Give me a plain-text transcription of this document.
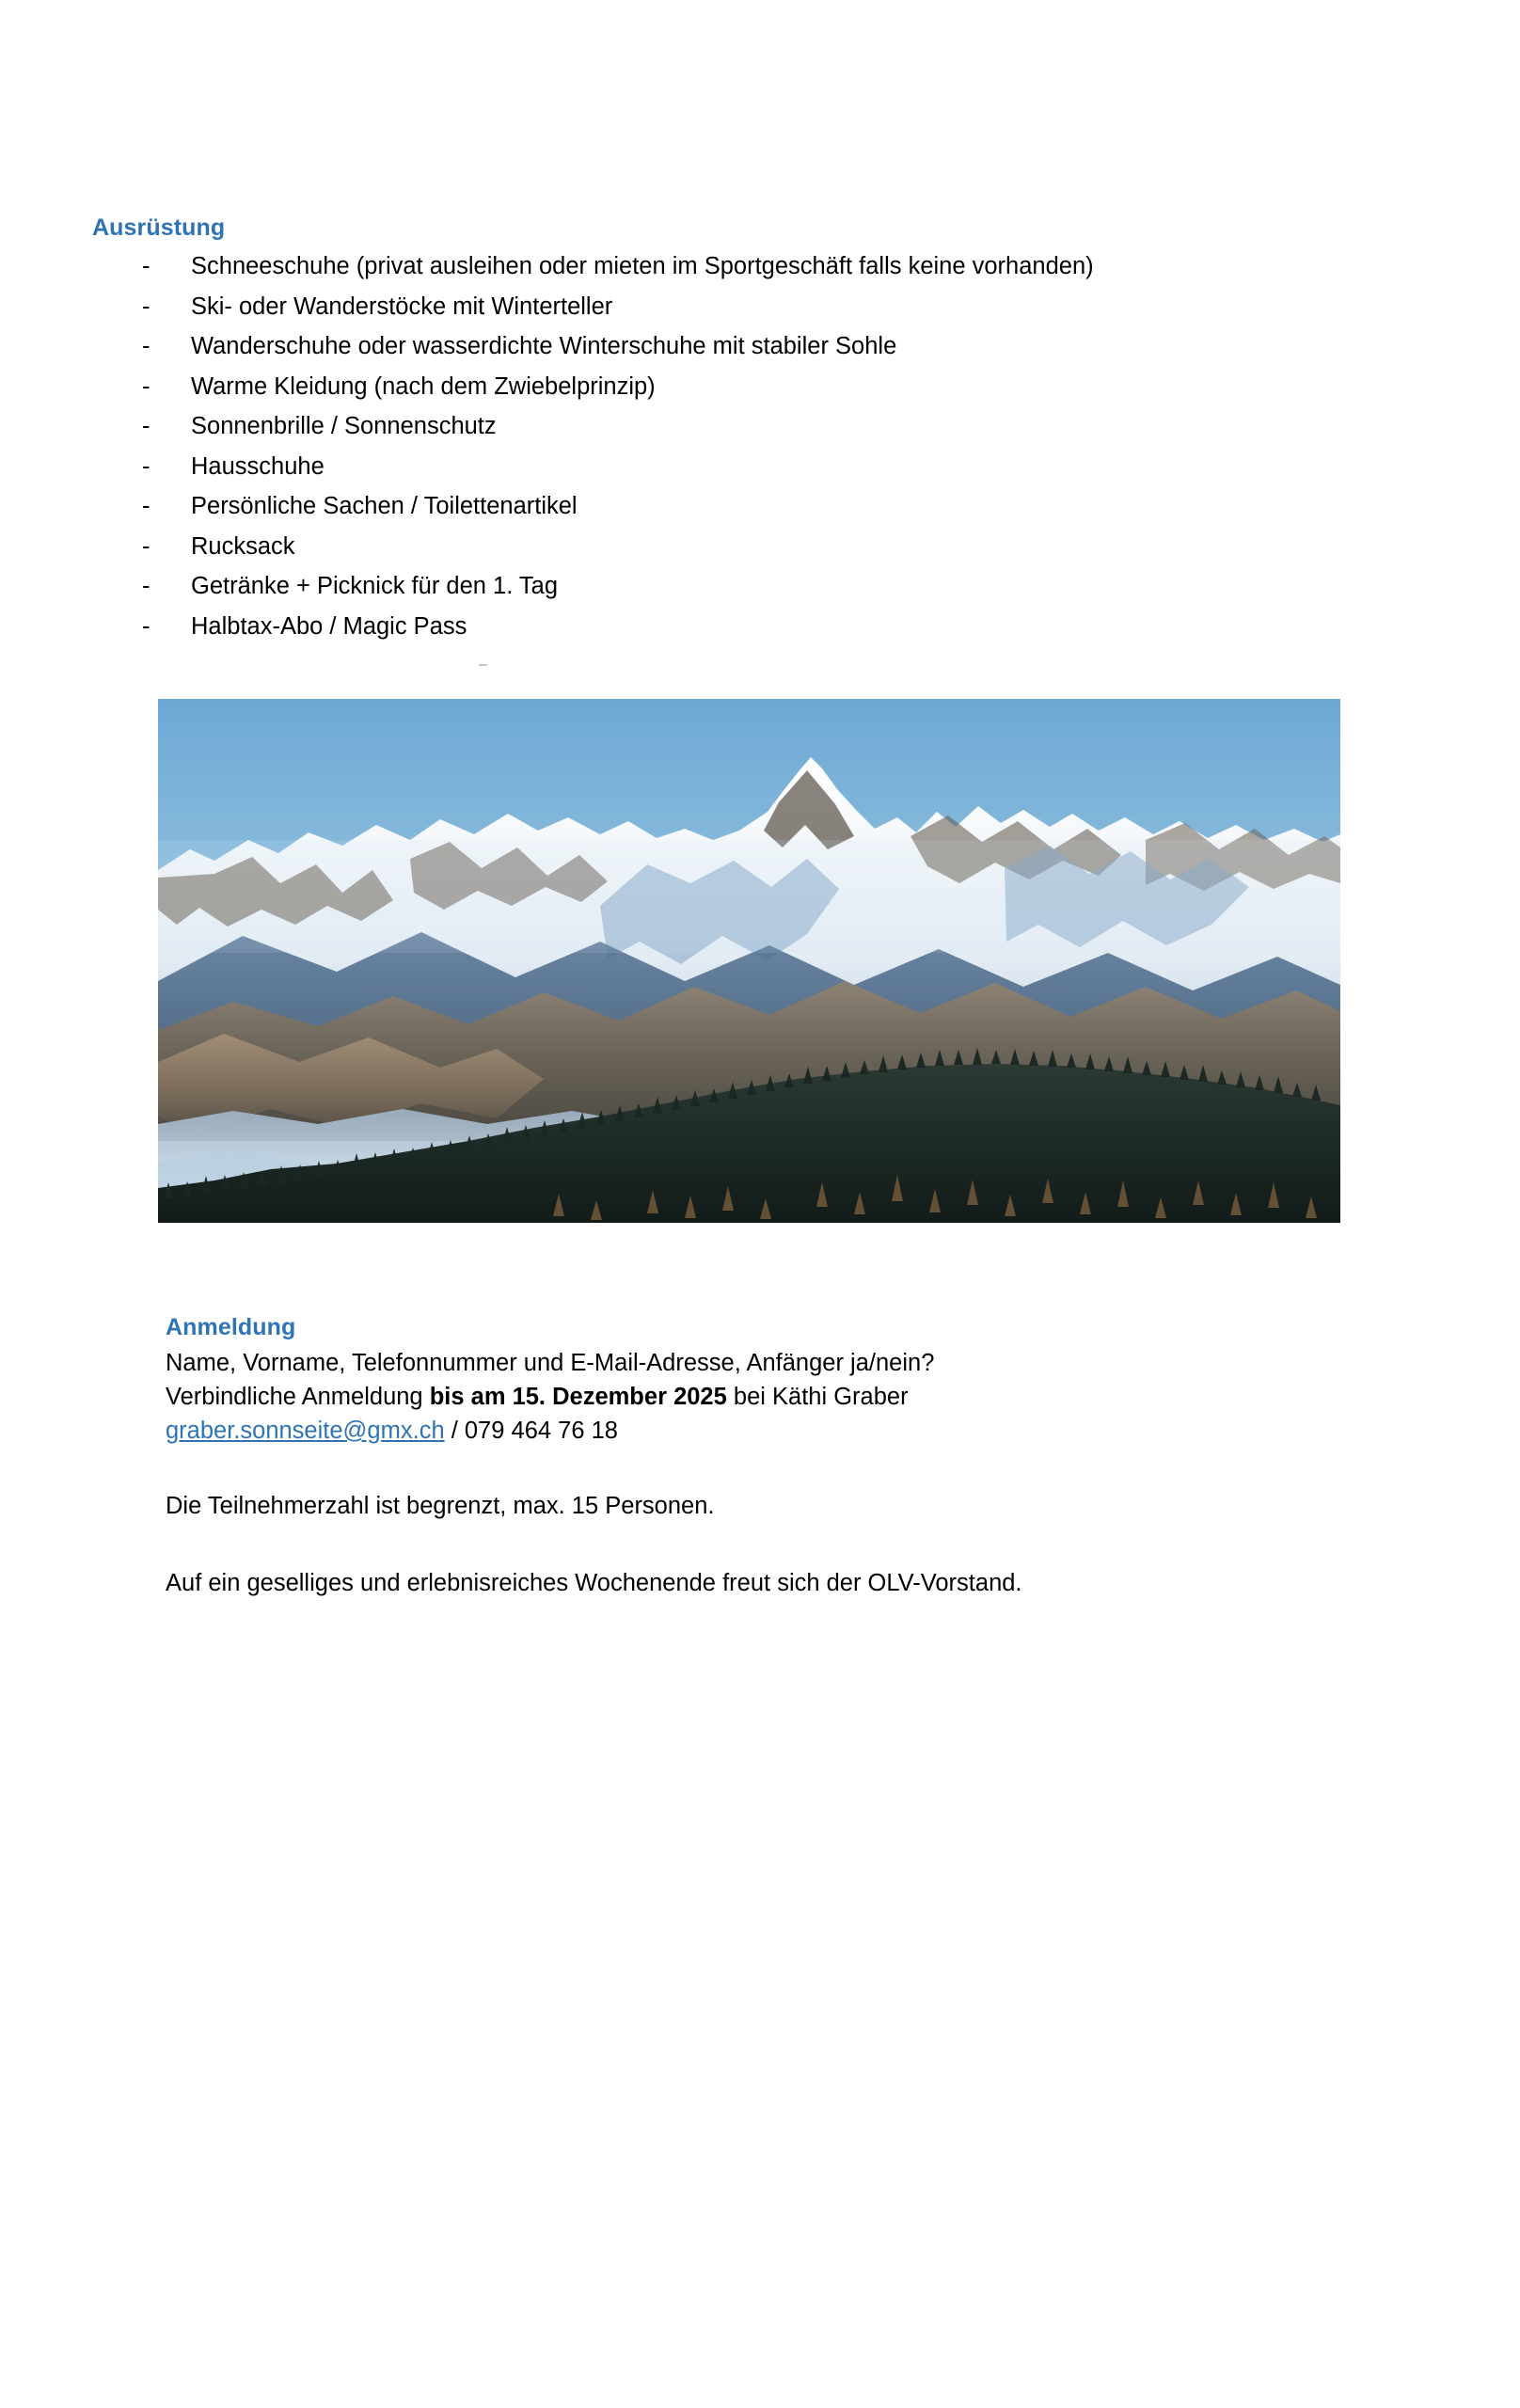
Ausrüstung
-	Schneeschuhe (privat ausleihen oder mieten im Sportgeschäft falls keine vorhanden)
-	Ski- oder Wanderstöcke mit Winterteller
-	Wanderschuhe oder wasserdichte Winterschuhe mit stabiler Sohle
-	Warme Kleidung (nach dem Zwiebelprinzip)
-	Sonnenbrille / Sonnenschutz
-	Hausschuhe
-	Persönliche Sachen / Toilettenartikel
-	Rucksack
-	Getränke + Picknick für den 1. Tag
-	Halbtax-Abo / Magic Pass
Anmeldung
Name, Vorname, Telefonnummer und E-Mail-Adresse, Anfänger ja/nein?
Verbindliche Anmeldung bis am 15. Dezember 2025 bei Käthi Graber
graber.sonnseite@gmx.ch / 079 464 76 18
Die Teilnehmerzahl ist begrenzt, max. 15 Personen.
Auf ein geselliges und erlebnisreiches Wochenende freut sich der OLV-Vorstand.
